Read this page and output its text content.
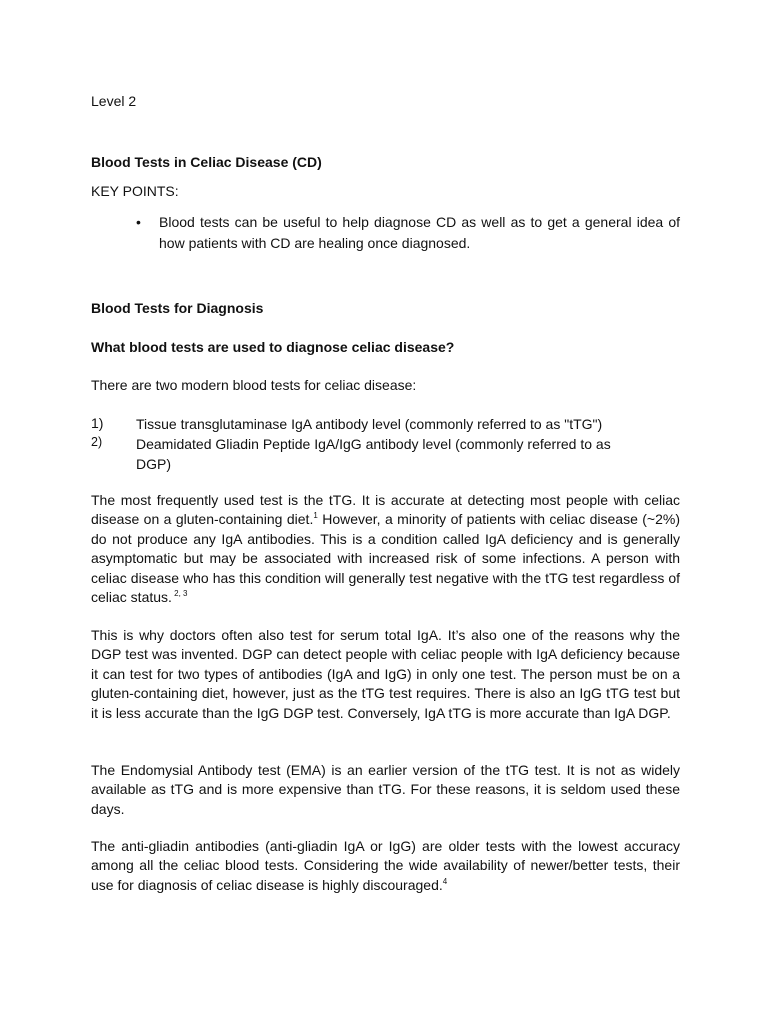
Level 2
Blood Tests in Celiac Disease (CD)
KEY POINTS:
• Blood tests can be useful to help diagnose CD as well as to get a general idea of how patients with CD are healing once diagnosed.
Blood Tests for Diagnosis
What blood tests are used to diagnose celiac disease?
There are two modern blood tests for celiac disease:
1) Tissue transglutaminase IgA antibody level (commonly referred to as "tTG")
2) Deamidated Gliadin Peptide IgA/IgG antibody level (commonly referred to as DGP)
The most frequently used test is the tTG. It is accurate at detecting most people with celiac disease on a gluten-containing diet.$^1$ However, a minority of patients with celiac disease (~2%) do not produce any IgA antibodies. This is a condition called IgA deficiency and is generally asymptomatic but may be associated with increased risk of some infections. A person with celiac disease who has this condition will generally test negative with the tTG test regardless of celiac status. $^{2, 3}$
This is why doctors often also test for serum total IgA. It’s also one of the reasons why the DGP test was invented. DGP can detect people with celiac people with IgA deficiency because it can test for two types of antibodies (IgA and IgG) in only one test. The person must be on a gluten-containing diet, however, just as the tTG test requires. There is also an IgG tTG test but it is less accurate than the IgG DGP test. Conversely, IgA tTG is more accurate than IgA DGP.
The Endomysial Antibody test (EMA) is an earlier version of the tTG test. It is not as widely available as tTG and is more expensive than tTG. For these reasons, it is seldom used these days.
The anti-gliadin antibodies (anti-gliadin IgA or IgG) are older tests with the lowest accuracy among all the celiac blood tests. Considering the wide availability of newer/better tests, their use for diagnosis of celiac disease is highly discouraged.$^4$
